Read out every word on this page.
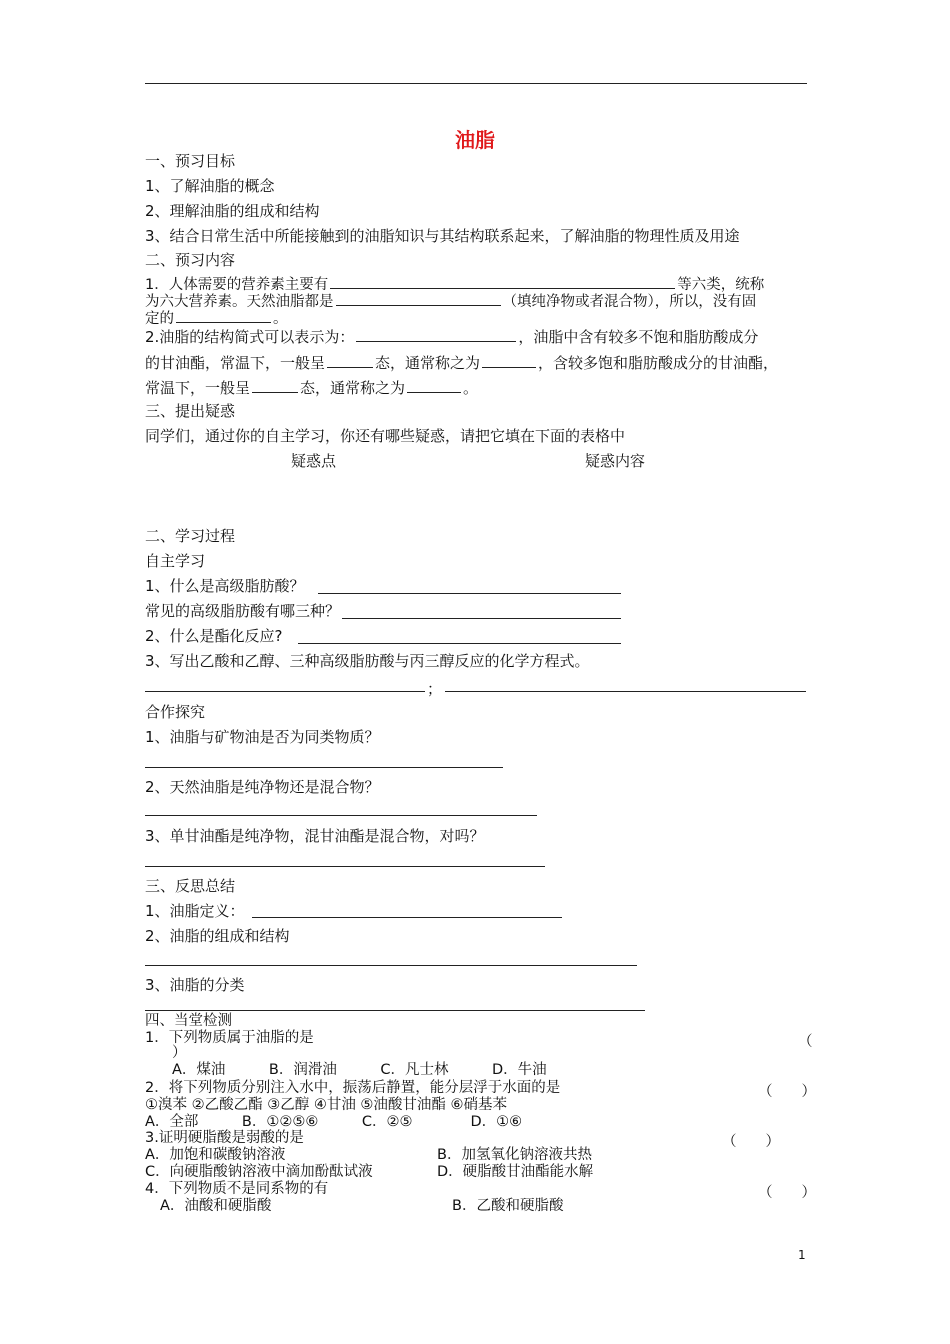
油脂
一、预习目标
1、了解油脂的概念
2、理解油脂的组成和结构
3、结合日常生活中所能接触到的油脂知识与其结构联系起来，了解油脂的物理性质及用途
二、预习内容
1．人体需要的营养素主要有	等六类，统称
为六大营养素。天然油脂都是	（填纯净物或者混合物），所以，没有固
定的	。
2.油脂的结构简式可以表示为：	，油脂中含有较多不饱和脂肪酸成分
的甘油酯，常温下，一般呈	态，通常称之为	，含较多饱和脂肪酸成分的甘油酯，
常温下，一般呈	态，通常称之为	。
三、提出疑惑
同学们，通过你的自主学习，你还有哪些疑惑，请把它填在下面的表格中
疑惑点	疑惑内容
二、学习过程
自主学习
1、什么是高级脂肪酸？
常见的高级脂肪酸有哪三种？
2、什么是酯化反应?
3、写出乙酸和乙醇、三种高级脂肪酸与丙三醇反应的化学方程式。
；
合作探究
1、油脂与矿物油是否为同类物质？
2、天然油脂是纯净物还是混合物？
3、单甘油酯是纯净物，混甘油酯是混合物，对吗？
三、反思总结
1、油脂定义：
2、油脂的组成和结构
3、油脂的分类
四、当堂检测
1．下列物质属于油脂的是	（
）
A．煤油　　　B．润滑油　　　C．凡士林　　　D．牛油
2．将下列物质分别注入水中，振荡后静置，能分层浮于水面的是	（　　）
①溴苯 ②乙酸乙酯 ③乙醇 ④甘油 ⑤油酸甘油酯 ⑥硝基苯
A．全部　　　B．①②⑤⑥　　　C．②⑤　　　　D．①⑥
3.证明硬脂酸是弱酸的是	（　　）
A．加饱和碳酸钠溶液	B．加氢氧化钠溶液共热
C．向硬脂酸钠溶液中滴加酚酞试液	D．硬脂酸甘油酯能水解
4．下列物质不是同系物的有	（　　）
A．油酸和硬脂酸	B．乙酸和硬脂酸
1
